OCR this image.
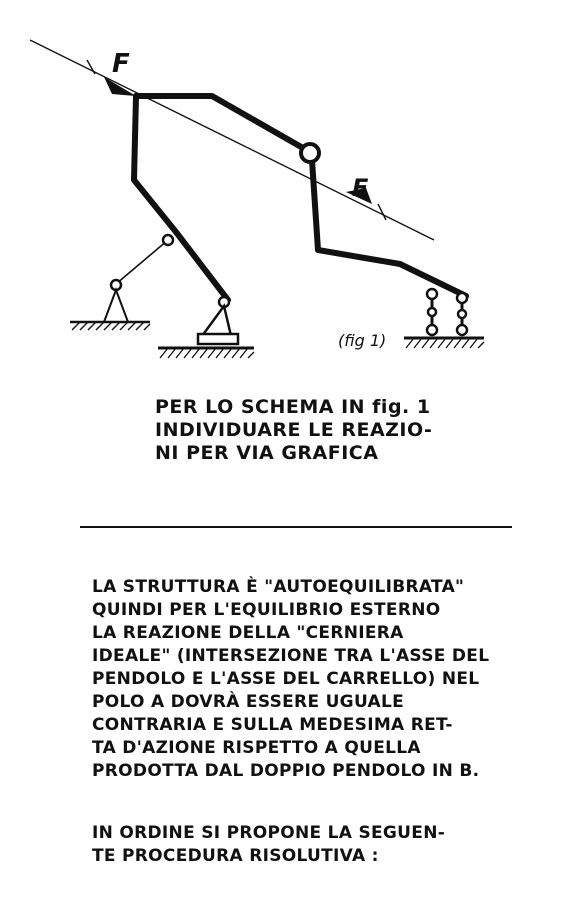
F
F
(fig 1)
PER LO SCHEMA IN fig. 1
INDIVIDUARE LE REAZIO-
NI PER VIA GRAFICA
LA STRUTTURA È "AUTOEQUILIBRATA"
QUINDI PER L'EQUILIBRIO ESTERNO
LA REAZIONE DELLA "CERNIERA
IDEALE" (INTERSEZIONE TRA L'ASSE DEL
PENDOLO E L'ASSE DEL CARRELLO) NEL
POLO A DOVRÀ ESSERE UGUALE
CONTRARIA E SULLA MEDESIMA RET-
TA D'AZIONE RISPETTO A QUELLA
PRODOTTA DAL DOPPIO PENDOLO IN B.
IN ORDINE SI PROPONE LA SEGUEN-
TE PROCEDURA RISOLUTIVA :
